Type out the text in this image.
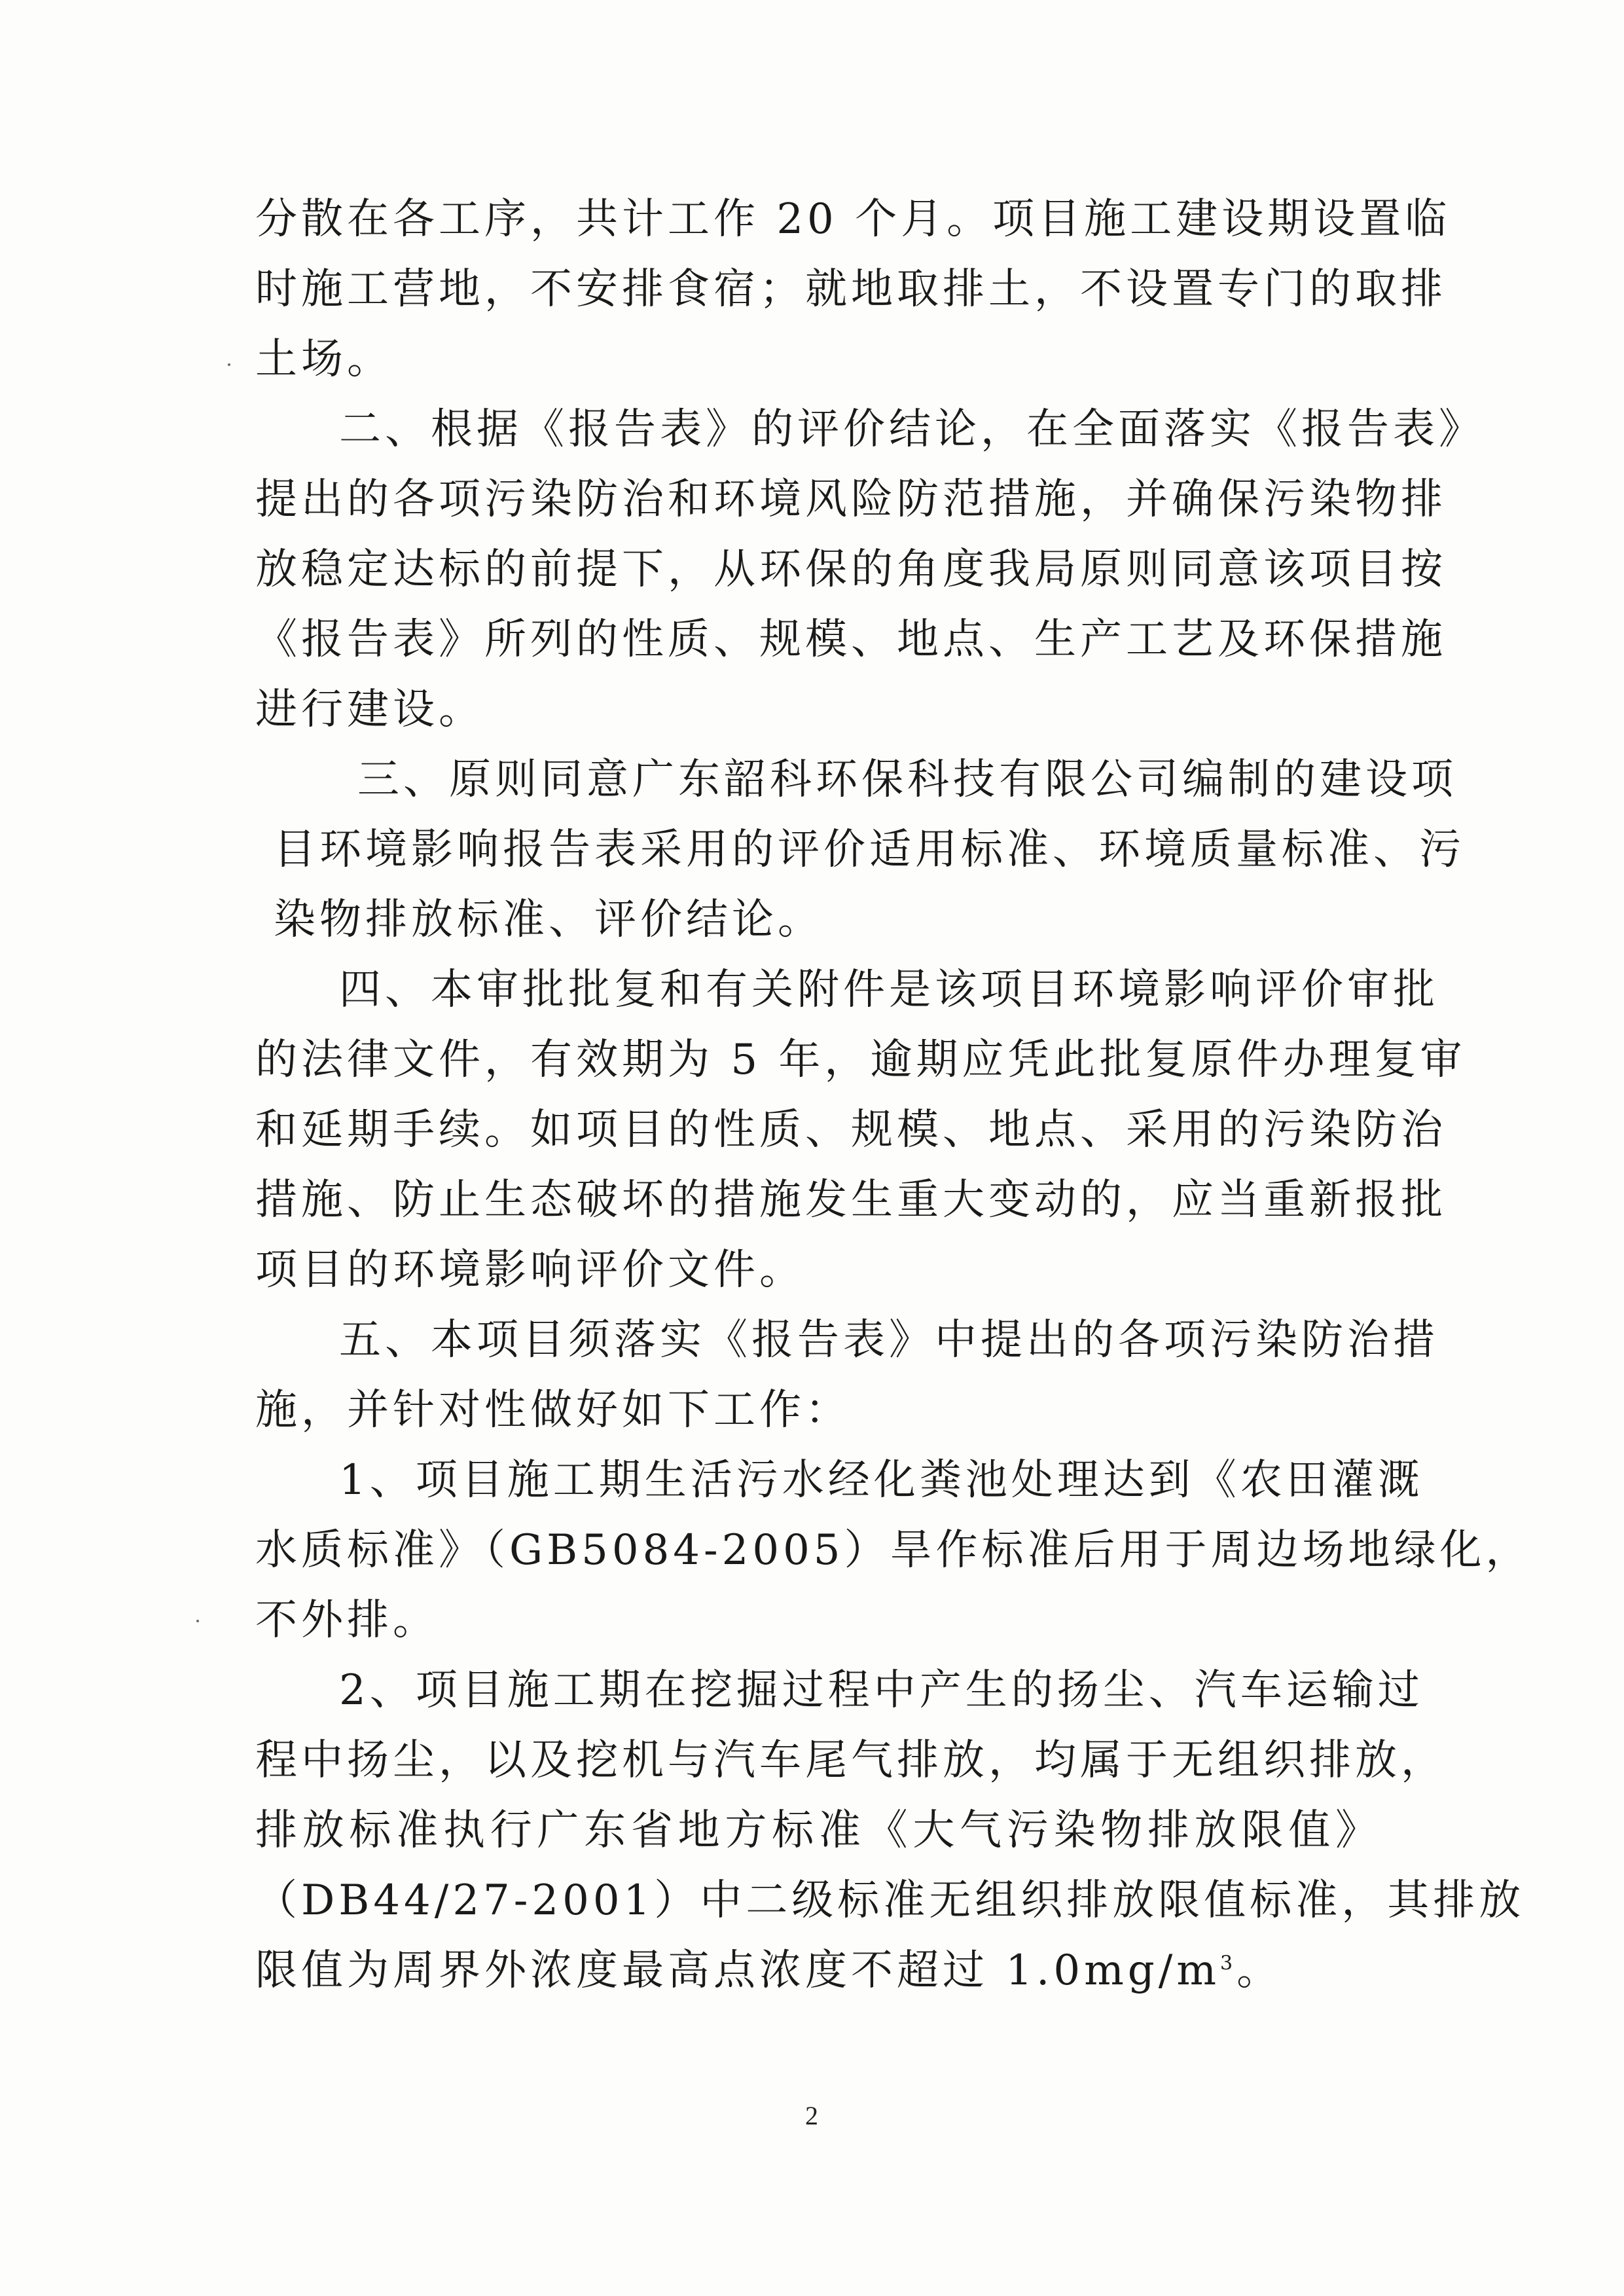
分散在各工序，共计工作 20 个月。项目施工建设期设置临
时施工营地，不安排食宿；就地取排土，不设置专门的取排
土场。
二、根据《报告表》的评价结论，在全面落实《报告表》
提出的各项污染防治和环境风险防范措施，并确保污染物排
放稳定达标的前提下，从环保的角度我局原则同意该项目按
《报告表》所列的性质、规模、地点、生产工艺及环保措施
进行建设。
三、原则同意广东韶科环保科技有限公司编制的建设项
目环境影响报告表采用的评价适用标准、环境质量标准、污
染物排放标准、评价结论。
四、本审批批复和有关附件是该项目环境影响评价审批
的法律文件，有效期为 5 年，逾期应凭此批复原件办理复审
和延期手续。如项目的性质、规模、地点、采用的污染防治
措施、防止生态破坏的措施发生重大变动的，应当重新报批
项目的环境影响评价文件。
五、本项目须落实《报告表》中提出的各项污染防治措
施，并针对性做好如下工作：
1、项目施工期生活污水经化粪池处理达到《农田灌溉
水质标准》（GB5084-2005）旱作标准后用于周边场地绿化，
不外排。
2、项目施工期在挖掘过程中产生的扬尘、汽车运输过
程中扬尘，以及挖机与汽车尾气排放，均属于无组织排放，
排放标准执行广东省地方标准《大气污染物排放限值》
（DB44/27-2001）中二级标准无组织排放限值标准，其排放
限值为周界外浓度最高点浓度不超过 $1.0mg/m^3$。
2
